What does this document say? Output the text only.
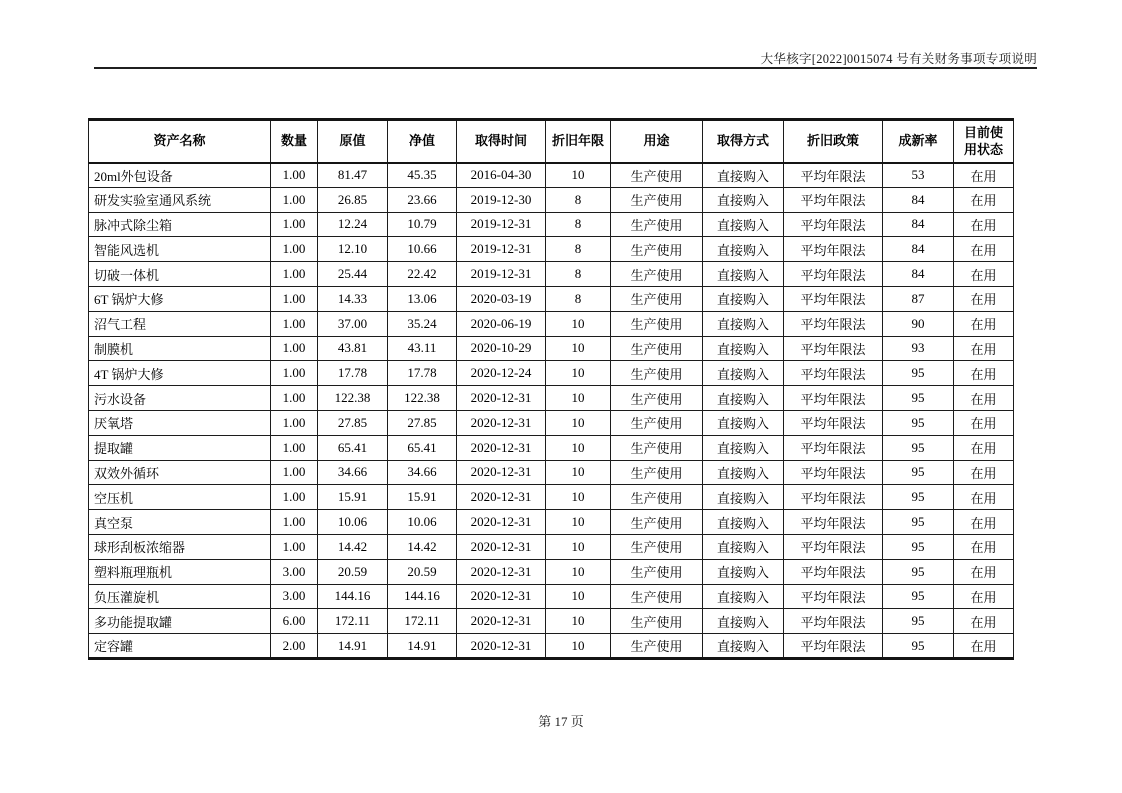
大华核字[2022]0015074 号有关财务事项专项说明
资产名称	数量	原值	净值	取得时间	折旧年限	用途	取得方式	折旧政策	成新率	目前使用状态
20ml外包设备	1.00	81.47	45.35	2016-04-30	10	生产使用	直接购入	平均年限法	53	在用
研发实验室通风系统	1.00	26.85	23.66	2019-12-30	8	生产使用	直接购入	平均年限法	84	在用
脉冲式除尘箱	1.00	12.24	10.79	2019-12-31	8	生产使用	直接购入	平均年限法	84	在用
智能风选机	1.00	12.10	10.66	2019-12-31	8	生产使用	直接购入	平均年限法	84	在用
切破一体机	1.00	25.44	22.42	2019-12-31	8	生产使用	直接购入	平均年限法	84	在用
6T 锅炉大修	1.00	14.33	13.06	2020-03-19	8	生产使用	直接购入	平均年限法	87	在用
沼气工程	1.00	37.00	35.24	2020-06-19	10	生产使用	直接购入	平均年限法	90	在用
制膜机	1.00	43.81	43.11	2020-10-29	10	生产使用	直接购入	平均年限法	93	在用
4T 锅炉大修	1.00	17.78	17.78	2020-12-24	10	生产使用	直接购入	平均年限法	95	在用
污水设备	1.00	122.38	122.38	2020-12-31	10	生产使用	直接购入	平均年限法	95	在用
厌氧塔	1.00	27.85	27.85	2020-12-31	10	生产使用	直接购入	平均年限法	95	在用
提取罐	1.00	65.41	65.41	2020-12-31	10	生产使用	直接购入	平均年限法	95	在用
双效外循环	1.00	34.66	34.66	2020-12-31	10	生产使用	直接购入	平均年限法	95	在用
空压机	1.00	15.91	15.91	2020-12-31	10	生产使用	直接购入	平均年限法	95	在用
真空泵	1.00	10.06	10.06	2020-12-31	10	生产使用	直接购入	平均年限法	95	在用
球形刮板浓缩器	1.00	14.42	14.42	2020-12-31	10	生产使用	直接购入	平均年限法	95	在用
塑料瓶理瓶机	3.00	20.59	20.59	2020-12-31	10	生产使用	直接购入	平均年限法	95	在用
负压灌旋机	3.00	144.16	144.16	2020-12-31	10	生产使用	直接购入	平均年限法	95	在用
多功能提取罐	6.00	172.11	172.11	2020-12-31	10	生产使用	直接购入	平均年限法	95	在用
定容罐	2.00	14.91	14.91	2020-12-31	10	生产使用	直接购入	平均年限法	95	在用
第 17 页
